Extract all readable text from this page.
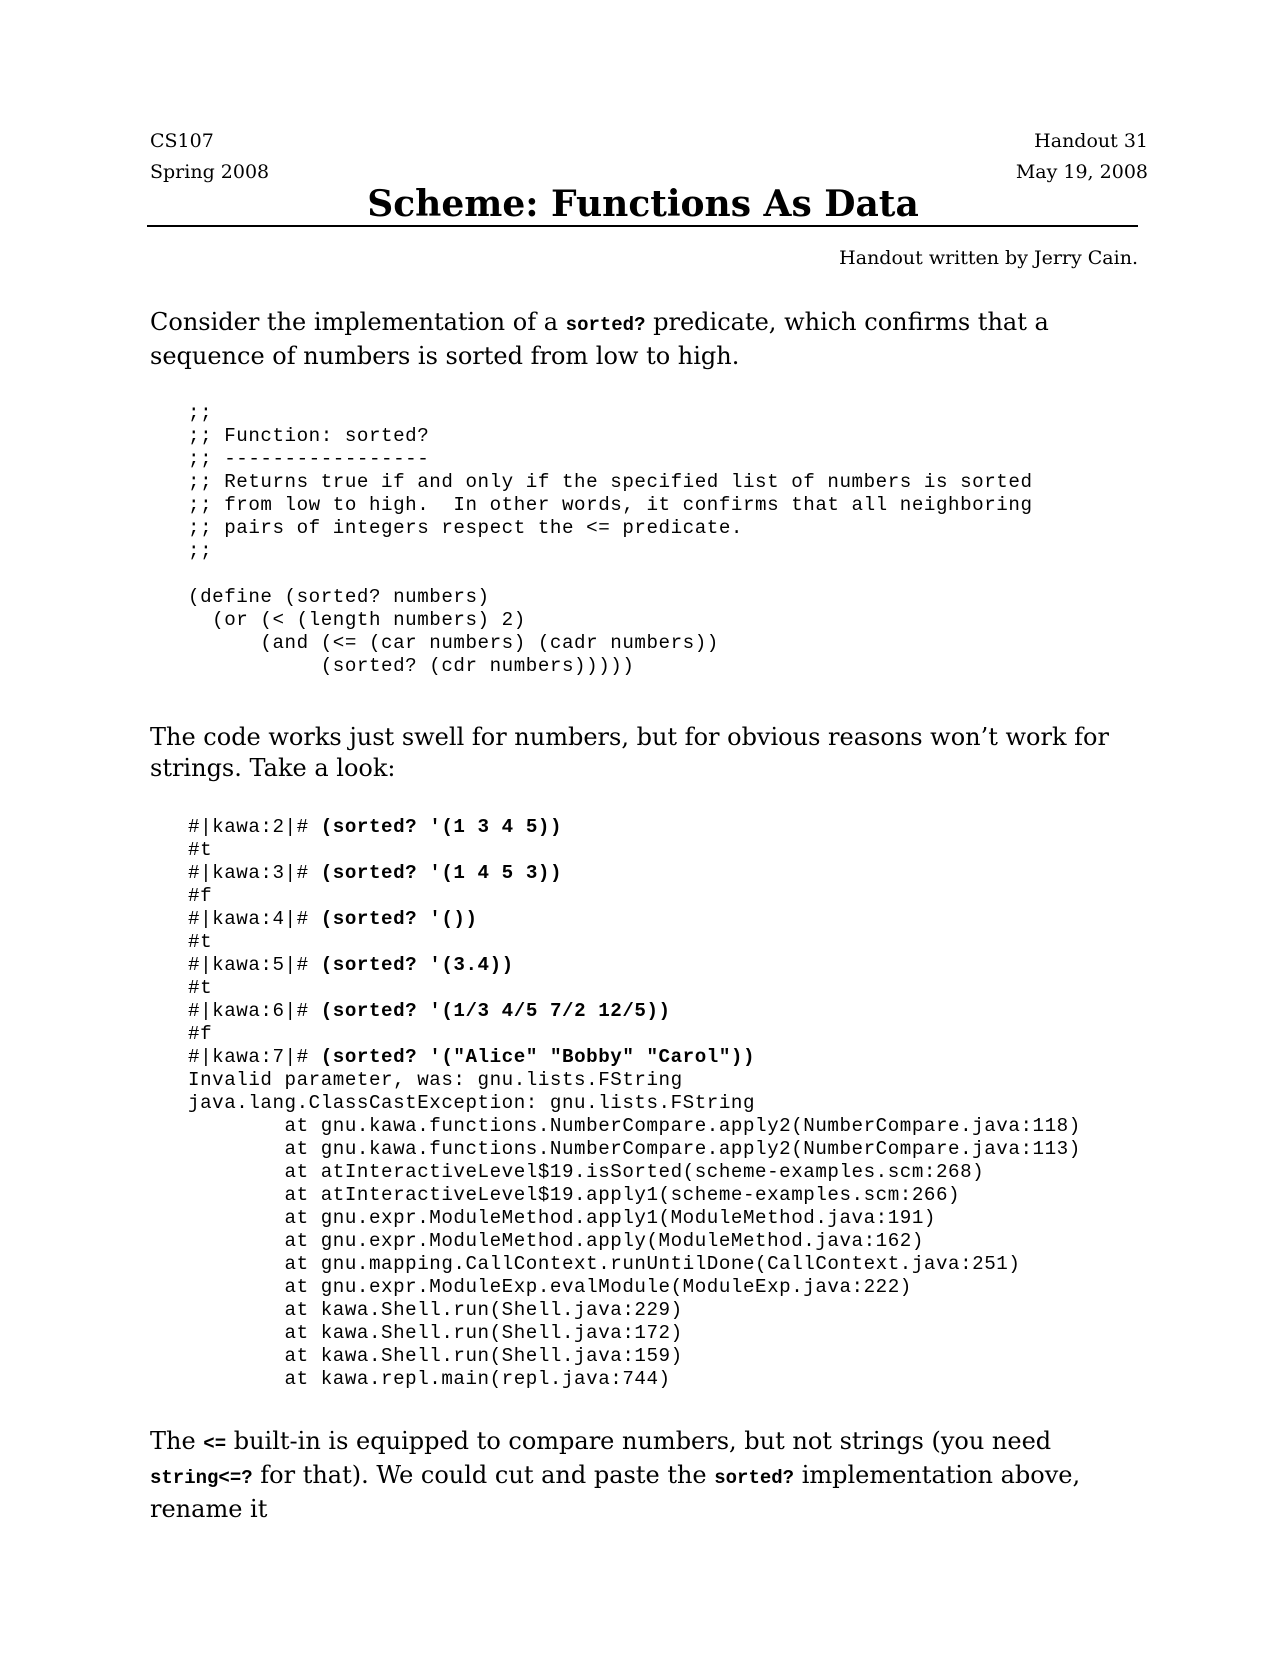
CS107
Spring 2008
Handout 31
May 19, 2008
Scheme: Functions As Data
Handout written by Jerry Cain.
Consider the implementation of a sorted? predicate, which confirms that a sequence of numbers is sorted from low to high.
;;
;; Function: sorted?
;; -----------------
;; Returns true if and only if the specified list of numbers is sorted
;; from low to high.  In other words, it confirms that all neighboring
;; pairs of integers respect the <= predicate.
;;
(define (sorted? numbers)
(or (< (length numbers) 2)
(and (<= (car numbers) (cadr numbers))
(sorted? (cdr numbers)))))
The code works just swell for numbers, but for obvious reasons won’t work for strings. Take a look:
#|kawa:2|# (sorted? '(1 3 4 5))
#t
#|kawa:3|# (sorted? '(1 4 5 3))
#f
#|kawa:4|# (sorted? '())
#t
#|kawa:5|# (sorted? '(3.4))
#t
#|kawa:6|# (sorted? '(1/3 4/5 7/2 12/5))
#f
#|kawa:7|# (sorted? '("Alice" "Bobby" "Carol"))
Invalid parameter, was: gnu.lists.FString
java.lang.ClassCastException: gnu.lists.FString
at gnu.kawa.functions.NumberCompare.apply2(NumberCompare.java:118)
at gnu.kawa.functions.NumberCompare.apply2(NumberCompare.java:113)
at atInteractiveLevel$19.isSorted(scheme-examples.scm:268)
at atInteractiveLevel$19.apply1(scheme-examples.scm:266)
at gnu.expr.ModuleMethod.apply1(ModuleMethod.java:191)
at gnu.expr.ModuleMethod.apply(ModuleMethod.java:162)
at gnu.mapping.CallContext.runUntilDone(CallContext.java:251)
at gnu.expr.ModuleExp.evalModule(ModuleExp.java:222)
at kawa.Shell.run(Shell.java:229)
at kawa.Shell.run(Shell.java:172)
at kawa.Shell.run(Shell.java:159)
at kawa.repl.main(repl.java:744)
The <= built-in is equipped to compare numbers, but not strings (you need string<=? for that). We could cut and paste the sorted? implementation above, rename it
